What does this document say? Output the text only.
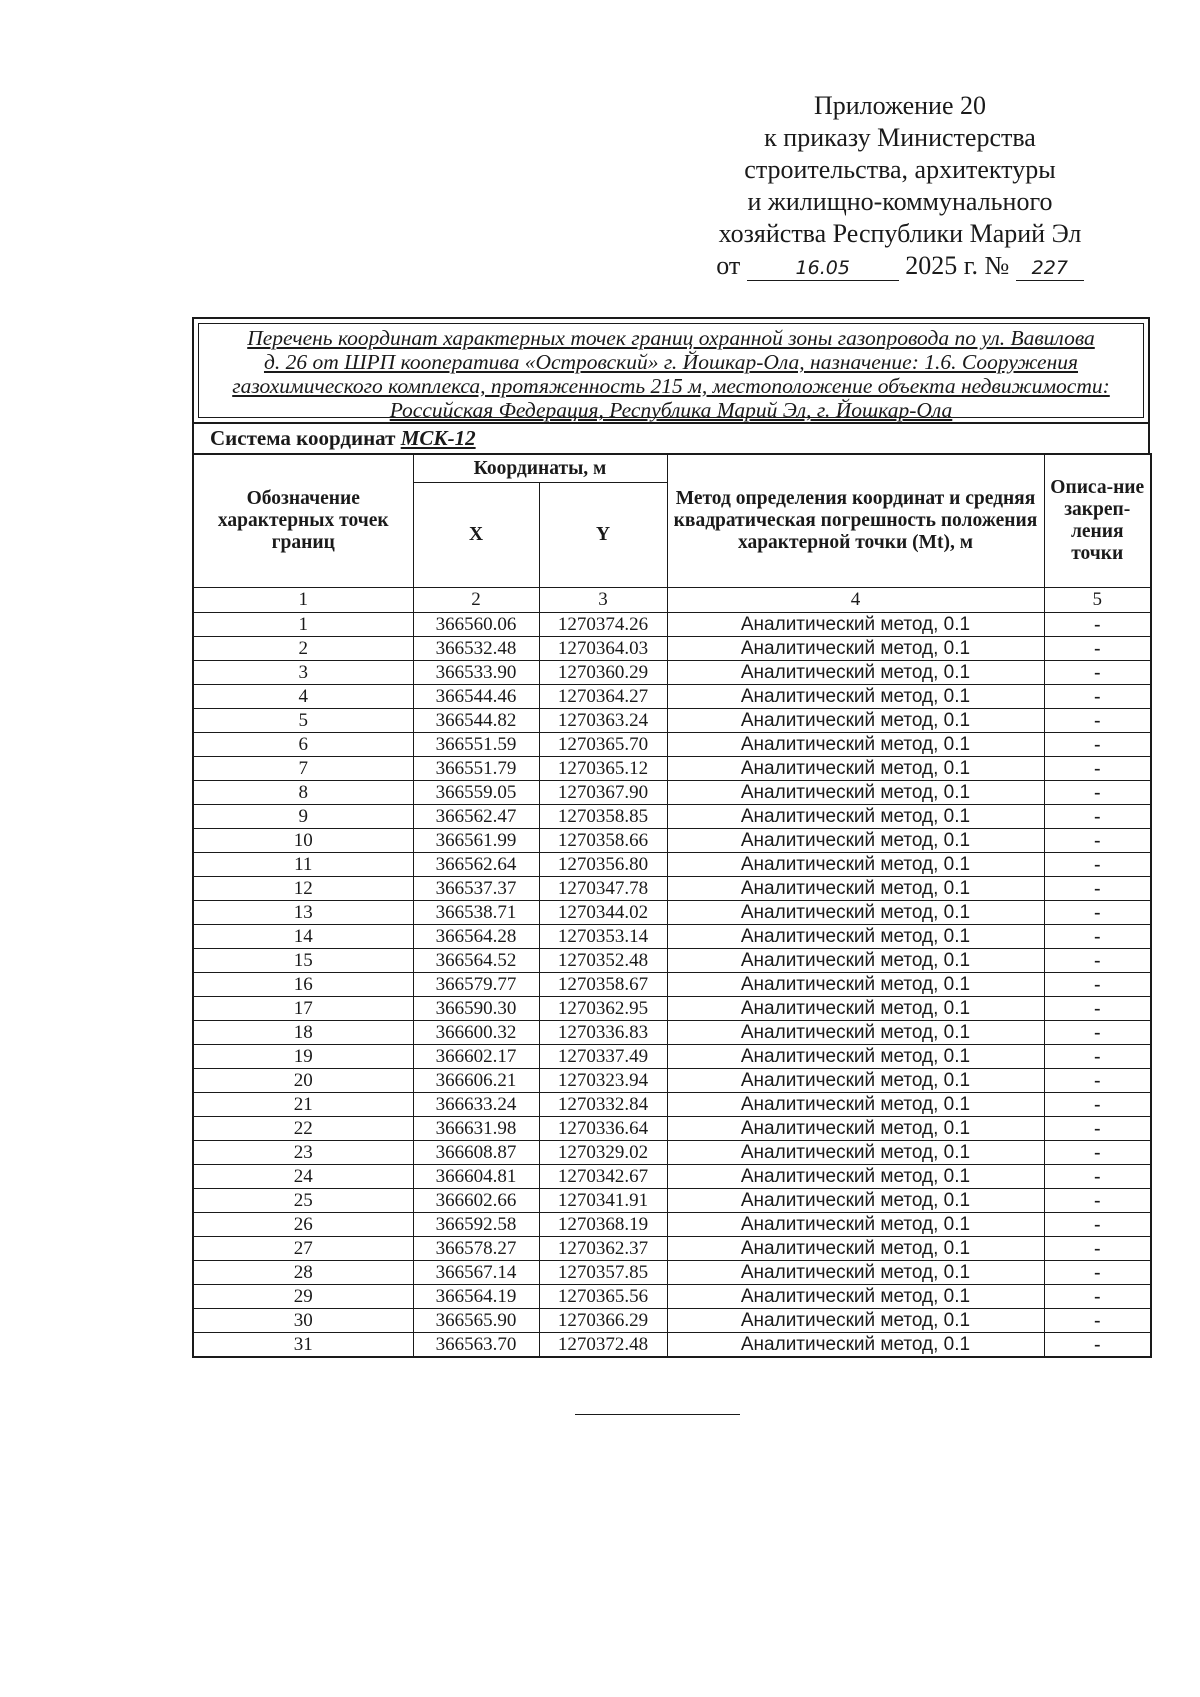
Приложение 20
к приказу Министерства
строительства, архитектуры
и жилищно-коммунального
хозяйства Республики Марий Эл
от	16.05 2025 г. № 227
Перечень координат характерных точек границ охранной зоны газопровода по ул. Вавилова
д. 26 от ШРП кооператива «Островский» г. Йошкар-Ола, назначение: 1.6. Сооружения
газохимического комплекса, протяженность 215 м, местоположение объекта недвижимости:
Российская Федерация, Республика Марий Эл, г. Йошкар-Ола
Система координат МСК-12
Обозначение характерных точек границ	Координаты, м		Метод определения координат и средняя квадратическая погрешность положения характерной точки (Mt), м	Описа-ние закреп-ления точки
	X	Y		
1	2	3	4	5
1	366560.06	1270374.26	Аналитический метод, 0.1	-
2	366532.48	1270364.03	Аналитический метод, 0.1	-
3	366533.90	1270360.29	Аналитический метод, 0.1	-
4	366544.46	1270364.27	Аналитический метод, 0.1	-
5	366544.82	1270363.24	Аналитический метод, 0.1	-
6	366551.59	1270365.70	Аналитический метод, 0.1	-
7	366551.79	1270365.12	Аналитический метод, 0.1	-
8	366559.05	1270367.90	Аналитический метод, 0.1	-
9	366562.47	1270358.85	Аналитический метод, 0.1	-
10	366561.99	1270358.66	Аналитический метод, 0.1	-
11	366562.64	1270356.80	Аналитический метод, 0.1	-
12	366537.37	1270347.78	Аналитический метод, 0.1	-
13	366538.71	1270344.02	Аналитический метод, 0.1	-
14	366564.28	1270353.14	Аналитический метод, 0.1	-
15	366564.52	1270352.48	Аналитический метод, 0.1	-
16	366579.77	1270358.67	Аналитический метод, 0.1	-
17	366590.30	1270362.95	Аналитический метод, 0.1	-
18	366600.32	1270336.83	Аналитический метод, 0.1	-
19	366602.17	1270337.49	Аналитический метод, 0.1	-
20	366606.21	1270323.94	Аналитический метод, 0.1	-
21	366633.24	1270332.84	Аналитический метод, 0.1	-
22	366631.98	1270336.64	Аналитический метод, 0.1	-
23	366608.87	1270329.02	Аналитический метод, 0.1	-
24	366604.81	1270342.67	Аналитический метод, 0.1	-
25	366602.66	1270341.91	Аналитический метод, 0.1	-
26	366592.58	1270368.19	Аналитический метод, 0.1	-
27	366578.27	1270362.37	Аналитический метод, 0.1	-
28	366567.14	1270357.85	Аналитический метод, 0.1	-
29	366564.19	1270365.56	Аналитический метод, 0.1	-
30	366565.90	1270366.29	Аналитический метод, 0.1	-
31	366563.70	1270372.48	Аналитический метод, 0.1	-
